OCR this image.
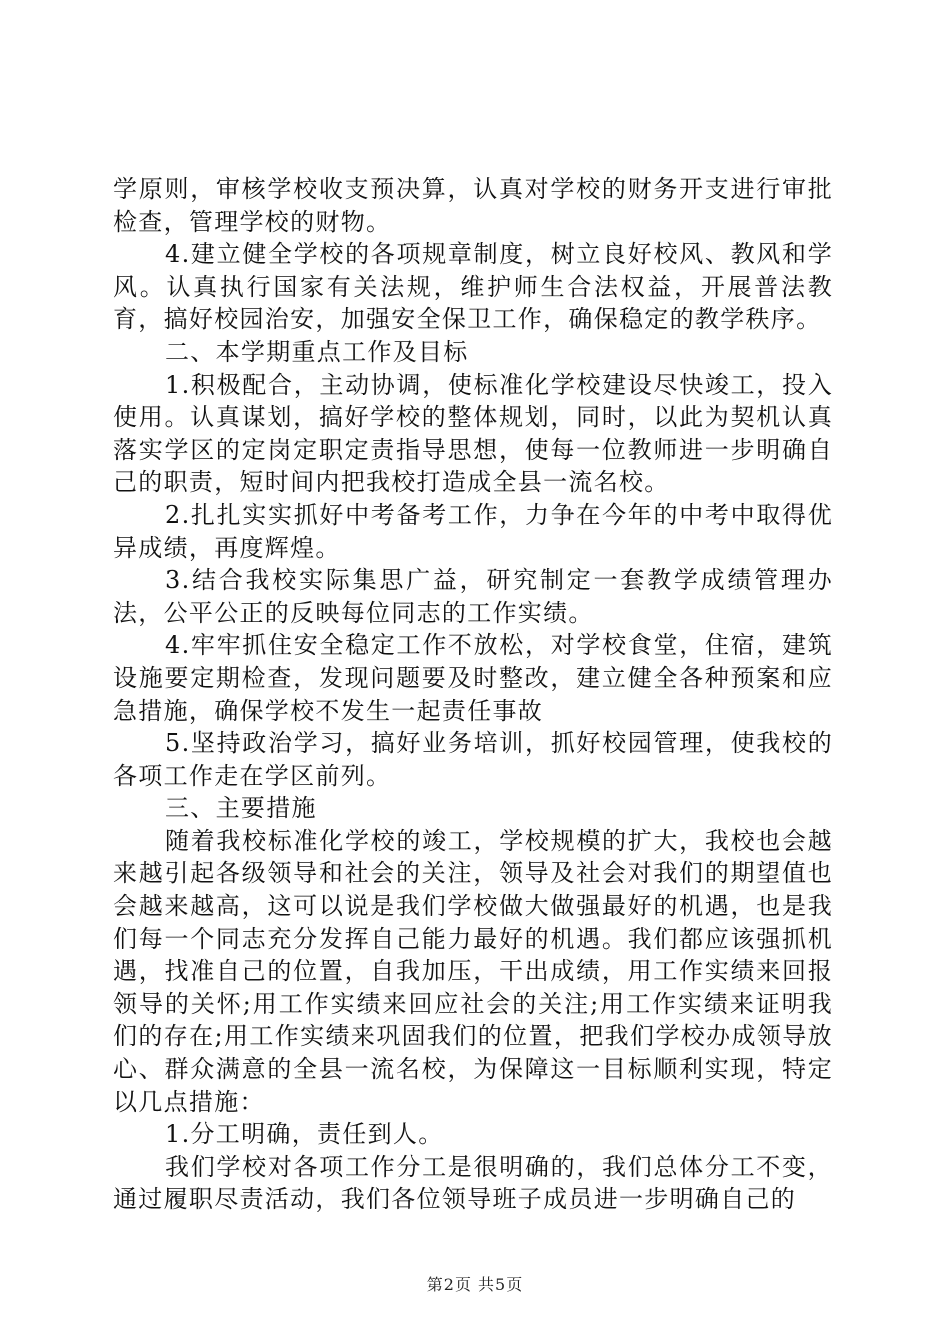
学原则，审核学校收支预决算，认真对学校的财务开支进行审批检查，管理学校的财物。

4.建立健全学校的各项规章制度，树立良好校风、教风和学风。认真执行国家有关法规，维护师生合法权益，开展普法教育，搞好校园治安，加强安全保卫工作，确保稳定的教学秩序。

二、本学期重点工作及目标

1.积极配合，主动协调，使标准化学校建设尽快竣工，投入使用。认真谋划，搞好学校的整体规划，同时，以此为契机认真落实学区的定岗定职定责指导思想，使每一位教师进一步明确自己的职责，短时间内把我校打造成全县一流名校。

2.扎扎实实抓好中考备考工作，力争在今年的中考中取得优异成绩，再度辉煌。

3.结合我校实际集思广益，研究制定一套教学成绩管理办法，公平公正的反映每位同志的工作实绩。

4.牢牢抓住安全稳定工作不放松，对学校食堂，住宿，建筑设施要定期检查，发现问题要及时整改，建立健全各种预案和应急措施，确保学校不发生一起责任事故

5.坚持政治学习，搞好业务培训，抓好校园管理，使我校的各项工作走在学区前列。

三、主要措施

随着我校标准化学校的竣工，学校规模的扩大，我校也会越来越引起各级领导和社会的关注，领导及社会对我们的期望值也会越来越高，这可以说是我们学校做大做强最好的机遇，也是我们每一个同志充分发挥自己能力最好的机遇。我们都应该强抓机遇，找准自己的位置，自我加压，干出成绩，用工作实绩来回报领导的关怀;用工作实绩来回应社会的关注;用工作实绩来证明我们的存在;用工作实绩来巩固我们的位置，把我们学校办成领导放心、群众满意的全县一流名校，为保障这一目标顺利实现，特定以几点措施：

1.分工明确，责任到人。

我们学校对各项工作分工是很明确的，我们总体分工不变，通过履职尽责活动，我们各位领导班子成员进一步明确自己的

第2页 共5页
